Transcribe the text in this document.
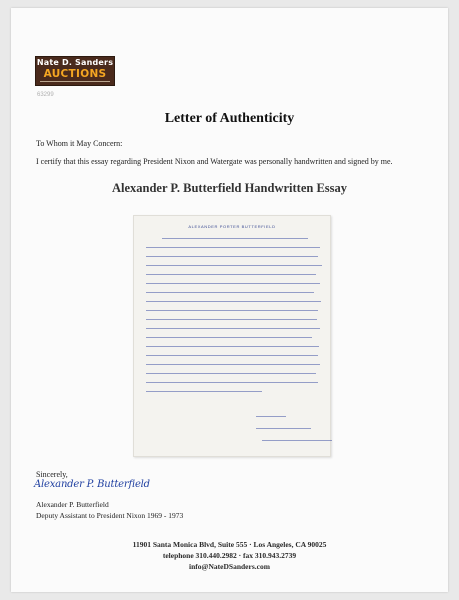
Nate D. Sanders
AUCTIONS
63299
Letter of Authenticity
To Whom it May Concern:
I certify that this essay regarding President Nixon and Watergate was personally handwritten and signed by me.
Alexander P. Butterfield Handwritten Essay
ALEXANDER PORTER BUTTERFIELD
Sincerely,
Alexander P. Butterfield
Alexander P. Butterfield
Deputy Assistant to President Nixon 1969 - 1973
11901 Santa Monica Blvd, Suite 555 · Los Angeles, CA 90025
telephone 310.440.2982 · fax 310.943.2739
info@NateDSanders.com
